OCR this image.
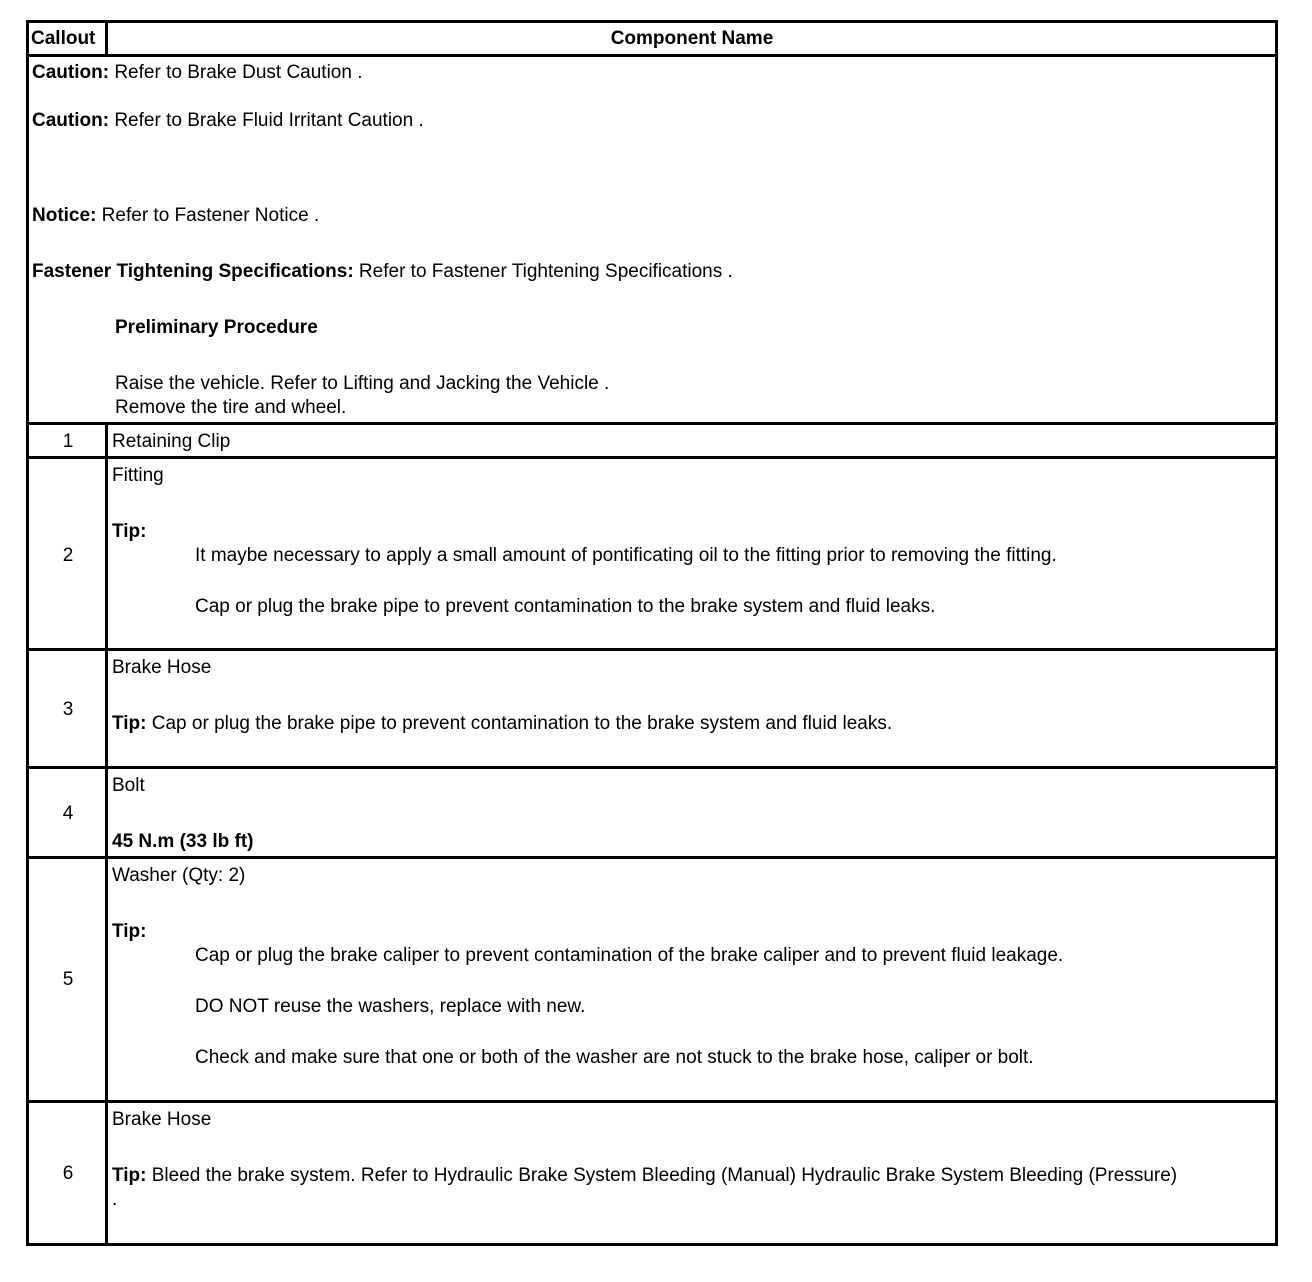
Callout	Component Name
Caution: Refer to Brake Dust Caution .
Caution: Refer to Brake Fluid Irritant Caution .
Notice: Refer to Fastener Notice .
Fastener Tightening Specifications: Refer to Fastener Tightening Specifications .
Preliminary Procedure
Raise the vehicle. Refer to Lifting and Jacking the Vehicle .
Remove the tire and wheel.
1	Retaining Clip
2
Fitting
Tip:
It maybe necessary to apply a small amount of pontificating oil to the fitting prior to removing the fitting.
Cap or plug the brake pipe to prevent contamination to the brake system and fluid leaks.
3
Brake Hose
Tip: Cap or plug the brake pipe to prevent contamination to the brake system and fluid leaks.
4
Bolt
45 N.m (33 lb ft)
5
Washer (Qty: 2)
Tip:
Cap or plug the brake caliper to prevent contamination of the brake caliper and to prevent fluid leakage.
DO NOT reuse the washers, replace with new.
Check and make sure that one or both of the washer are not stuck to the brake hose, caliper or bolt.
6
Brake Hose
Tip: Bleed the brake system. Refer to Hydraulic Brake System Bleeding (Manual) Hydraulic Brake System Bleeding (Pressure)
.
